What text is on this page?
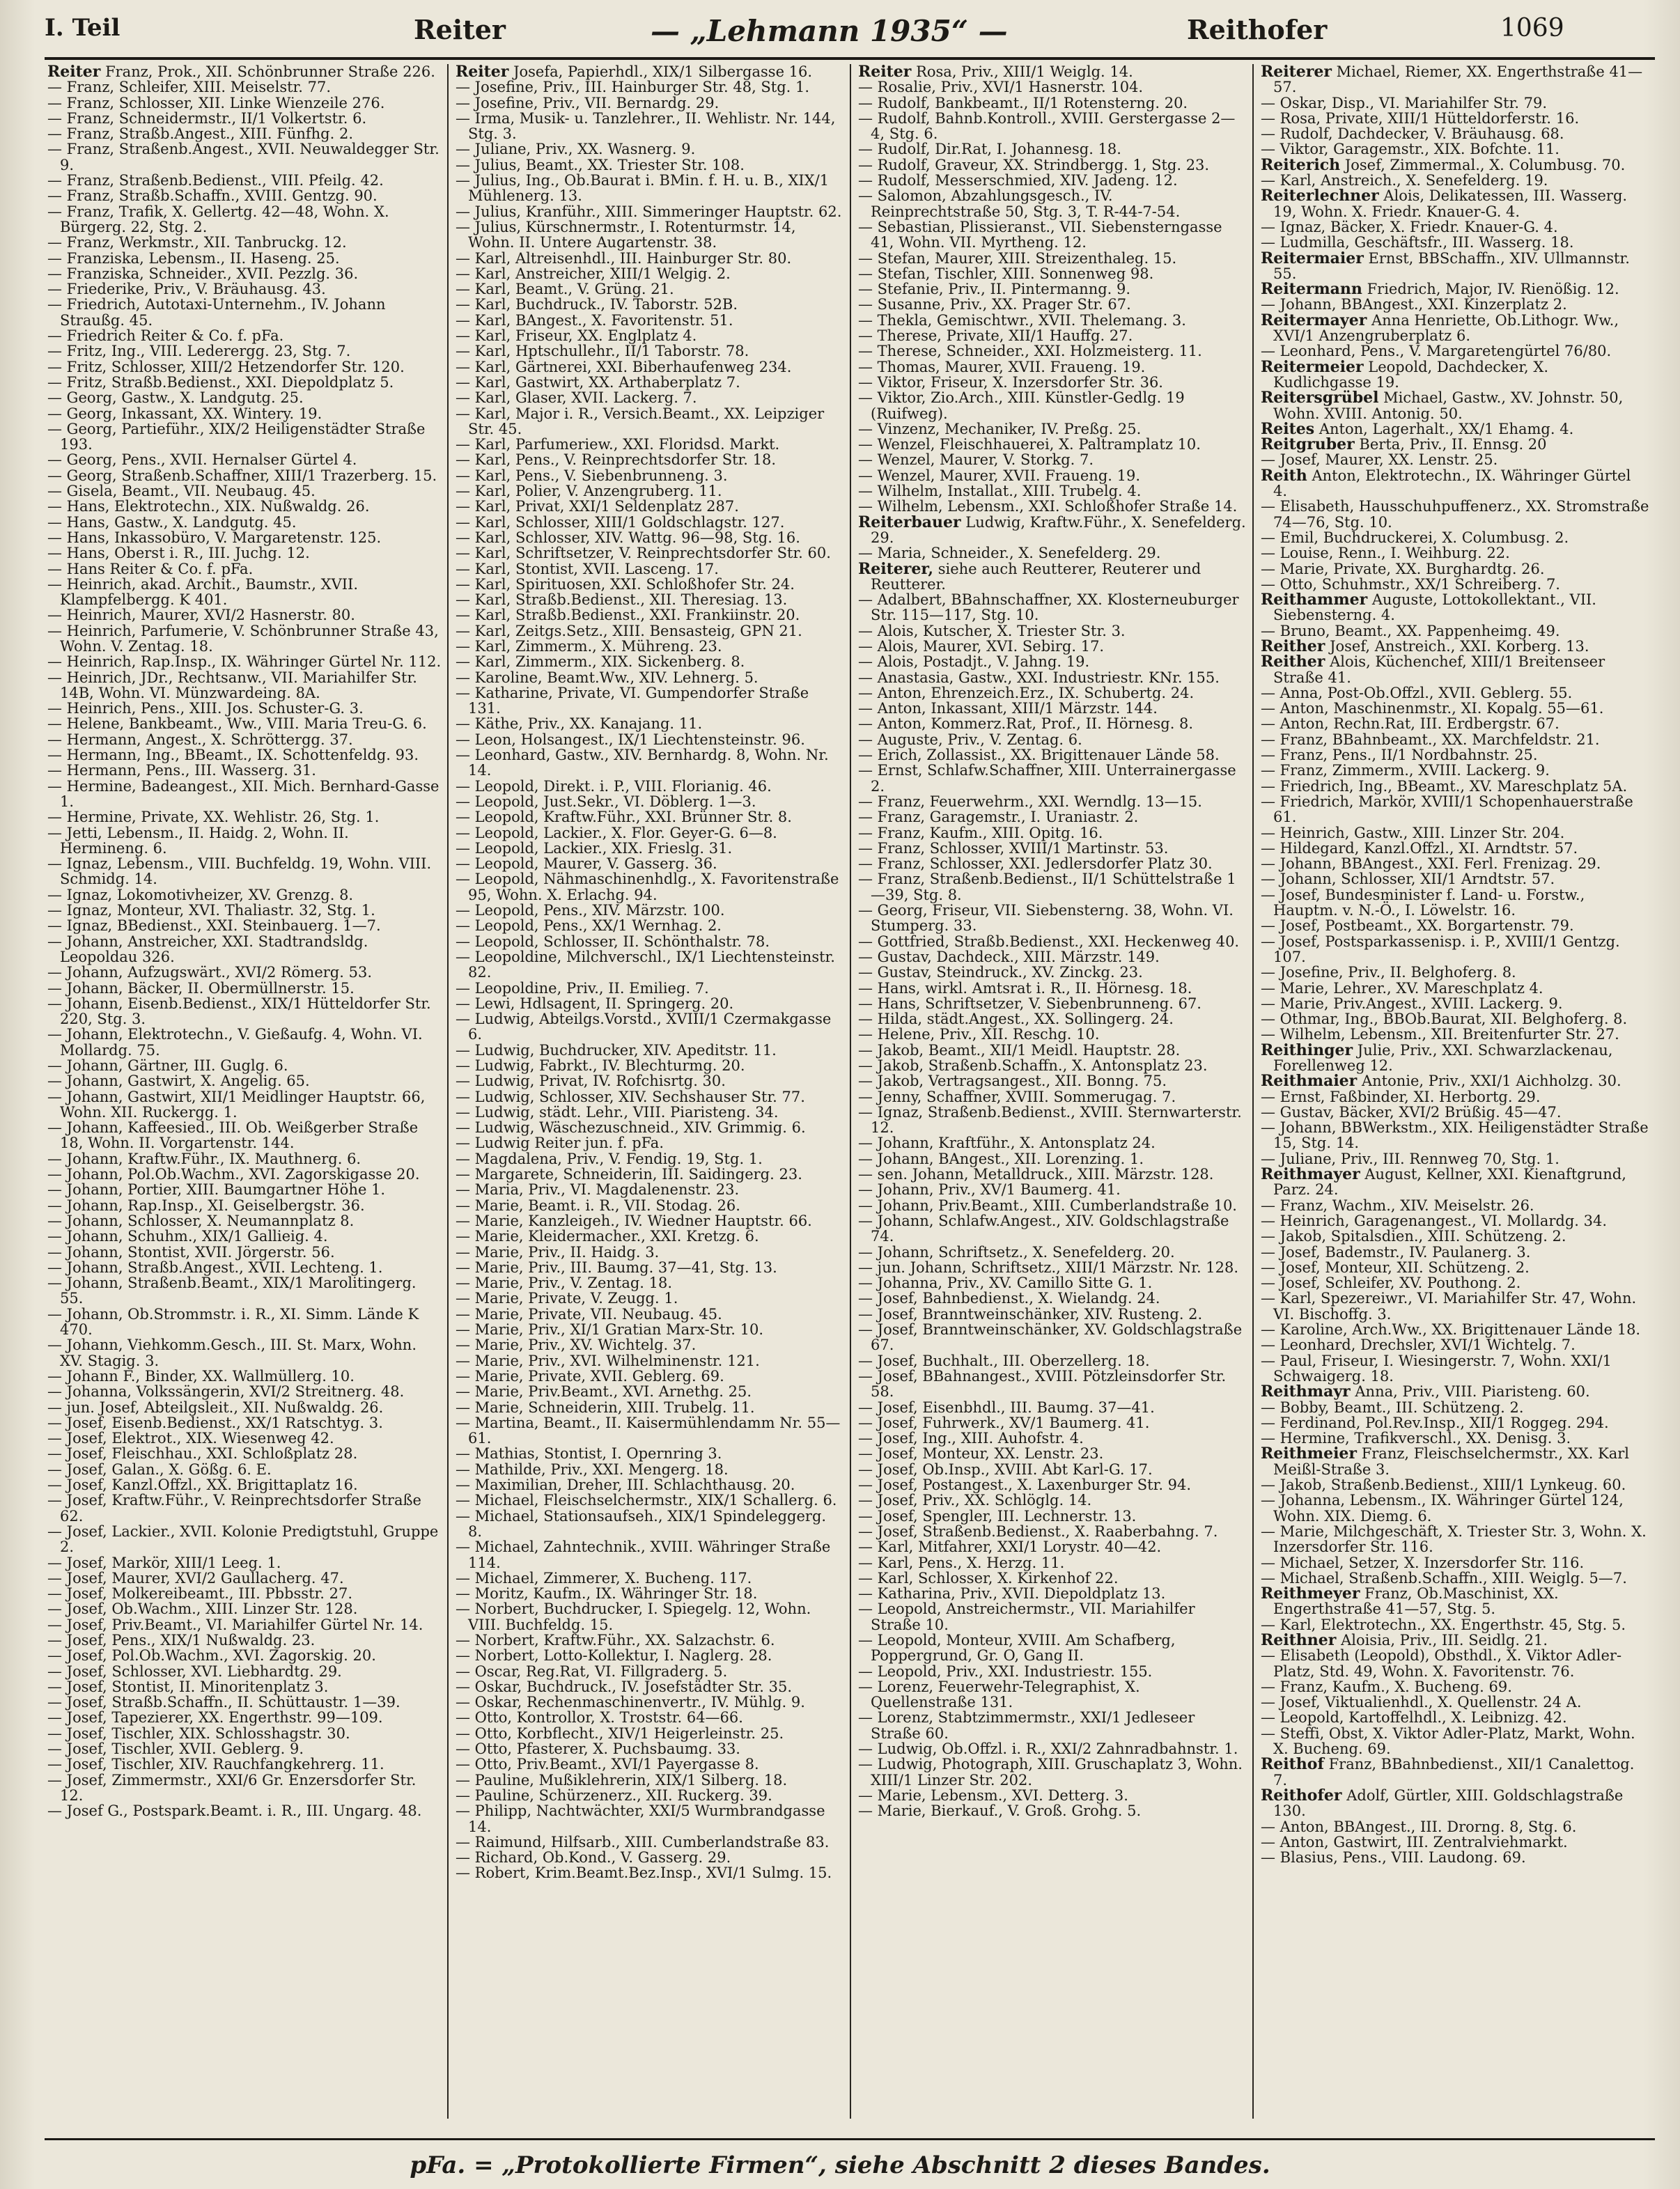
I. Teil	Reiter	— „Lehmann 1935“ —	Reithofer	1069

Reiter Franz, Prok., XII. Schönbrunner Straße 226.

— Franz, Schleifer, XIII. Meiselstr. 77.

— Franz, Schlosser, XII. Linke Wienzeile 276.

— Franz, Schneidermstr., II/1 Volkertstr. 6.

— Franz, Straßb.Angest., XIII. Fünfhg. 2.

— Franz, Straßenb.Angest., XVII. Neuwaldegger Str. 9.

— Franz, Straßenb.Bedienst., VIII. Pfeilg. 42.

— Franz, Straßb.Schaffn., XVIII. Gentzg. 90.

— Franz, Trafik, X. Gellertg. 42—48, Wohn. X. Bürgerg. 22, Stg. 2.

— Franz, Werkmstr., XII. Tanbruckg. 12.

— Franziska, Lebensm., II. Haseng. 25.

— Franziska, Schneider., XVII. Pezzlg. 36.

— Friederike, Priv., V. Bräuhausg. 43.

— Friedrich, Autotaxi-Unternehm., IV. Johann Straußg. 45.

— Friedrich Reiter & Co. f. pFa.

— Fritz, Ing., VIII. Lederergg. 23, Stg. 7.

— Fritz, Schlosser, XIII/2 Hetzendorfer Str. 120.

— Fritz, Straßb.Bedienst., XXI. Diepoldplatz 5.

— Georg, Gastw., X. Landgutg. 25.

— Georg, Inkassant, XX. Wintery. 19.

— Georg, Partieführ., XIX/2 Heiligenstädter Straße 193.

— Georg, Pens., XVII. Hernalser Gürtel 4.

— Georg, Straßenb.Schaffner, XIII/1 Trazerberg. 15.

— Gisela, Beamt., VII. Neubaug. 45.

— Hans, Elektrotechn., XIX. Nußwaldg. 26.

— Hans, Gastw., X. Landgutg. 45.

— Hans, Inkassobüro, V. Margaretenstr. 125.

— Hans, Oberst i. R., III. Juchg. 12.

— Hans Reiter & Co. f. pFa.

— Heinrich, akad. Archit., Baumstr., XVII. Klampfelbergg. K 401.

— Heinrich, Maurer, XVI/2 Hasnerstr. 80.

— Heinrich, Parfumerie, V. Schönbrunner Straße 43, Wohn. V. Zentag. 18.

— Heinrich, Rap.Insp., IX. Währinger Gürtel Nr. 112.

— Heinrich, JDr., Rechtsanw., VII. Mariahilfer Str. 14B, Wohn. VI. Münzwardeing. 8A.

— Heinrich, Pens., XIII. Jos. Schuster-G. 3.

— Helene, Bankbeamt., Ww., VIII. Maria Treu-G. 6.

— Hermann, Angest., X. Schröttergg. 37.

— Hermann, Ing., BBeamt., IX. Schottenfeldg. 93.

— Hermann, Pens., III. Wasserg. 31.

— Hermine, Badeangest., XII. Mich. Bernhard-Gasse 1.

— Hermine, Private, XX. Wehlistr. 26, Stg. 1.

— Jetti, Lebensm., II. Haidg. 2, Wohn. II. Hermineng. 6.

— Ignaz, Lebensm., VIII. Buchfeldg. 19, Wohn. VIII. Schmidg. 14.

— Ignaz, Lokomotivheizer, XV. Grenzg. 8.

— Ignaz, Monteur, XVI. Thaliastr. 32, Stg. 1.

— Ignaz, BBedienst., XXI. Steinbauerg. 1—7.

— Johann, Anstreicher, XXI. Stadtrandsldg. Leopoldau 326.

— Johann, Aufzugswärt., XVI/2 Römerg. 53.

— Johann, Bäcker, II. Obermüllnerstr. 15.

— Johann, Eisenb.Bedienst., XIX/1 Hütteldorfer Str. 220, Stg. 3.

— Johann, Elektrotechn., V. Gießaufg. 4, Wohn. VI. Mollardg. 75.

— Johann, Gärtner, III. Guglg. 6.

— Johann, Gastwirt, X. Angelig. 65.

— Johann, Gastwirt, XII/1 Meidlinger Hauptstr. 66, Wohn. XII. Ruckergg. 1.

— Johann, Kaffeesied., III. Ob. Weißgerber Straße 18, Wohn. II. Vorgartenstr. 144.

— Johann, Kraftw.Führ., IX. Mauthnerg. 6.

— Johann, Pol.Ob.Wachm., XVI. Zagorskigasse 20.

— Johann, Portier, XIII. Baumgartner Höhe 1.

— Johann, Rap.Insp., XI. Geiselbergstr. 36.

— Johann, Schlosser, X. Neumannplatz 8.

— Johann, Schuhm., XIX/1 Gallieig. 4.

— Johann, Stontist, XVII. Jörgerstr. 56.

— Johann, Straßb.Angest., XVII. Lechteng. 1.

— Johann, Straßenb.Beamt., XIX/1 Marolitingerg. 55.

— Johann, Ob.Strommstr. i. R., XI. Simm. Lände K 470.

— Johann, Viehkomm.Gesch., III. St. Marx, Wohn. XV. Stagig. 3.

— Johann F., Binder, XX. Wallmüllerg. 10.

— Johanna, Volkssängerin, XVI/2 Streitnerg. 48.

— jun. Josef, Abteilgsleit., XII. Nußwaldg. 26.

— Josef, Eisenb.Bedienst., XX/1 Ratschtyg. 3.

— Josef, Elektrot., XIX. Wiesenweg 42.

— Josef, Fleischhau., XXI. Schloßplatz 28.

— Josef, Galan., X. Gößg. 6. E.

— Josef, Kanzl.Offzl., XX. Brigittaplatz 16.

— Josef, Kraftw.Führ., V. Reinprechtsdorfer Straße 62.

— Josef, Lackier., XVII. Kolonie Predigtstuhl, Gruppe 2.

— Josef, Markör, XIII/1 Leeg. 1.

— Josef, Maurer, XVI/2 Gaullacherg. 47.

— Josef, Molkereibeamt., III. Pbbsstr. 27.

— Josef, Ob.Wachm., XIII. Linzer Str. 128.

— Josef, Priv.Beamt., VI. Mariahilfer Gürtel Nr. 14.

— Josef, Pens., XIX/1 Nußwaldg. 23.

— Josef, Pol.Ob.Wachm., XVI. Zagorskig. 20.

— Josef, Schlosser, XVI. Liebhardtg. 29.

— Josef, Stontist, II. Minoritenplatz 3.

— Josef, Straßb.Schaffn., II. Schüttaustr. 1—39.

— Josef, Tapezierer, XX. Engerthstr. 99—109.

— Josef, Tischler, XIX. Schlosshagstr. 30.

— Josef, Tischler, XVII. Geblerg. 9.

— Josef, Tischler, XIV. Rauchfangkehrerg. 11.

— Josef, Zimmermstr., XXI/6 Gr. Enzersdorfer Str. 12.

— Josef G., Postspark.Beamt. i. R., III. Ungarg. 48.

Reiter Josefa, Papierhdl., XIX/1 Silbergasse 16.

— Josefine, Priv., III. Hainburger Str. 48, Stg. 1.

— Josefine, Priv., VII. Bernardg. 29.

— Irma, Musik- u. Tanzlehrer., II. Wehlistr. Nr. 144, Stg. 3.

— Juliane, Priv., XX. Wasnerg. 9.

— Julius, Beamt., XX. Triester Str. 108.

— Julius, Ing., Ob.Baurat i. BMin. f. H. u. B., XIX/1 Mühlenerg. 13.

— Julius, Kranführ., XIII. Simmeringer Hauptstr. 62.

— Julius, Kürschnermstr., I. Rotenturmstr. 14, Wohn. II. Untere Augartenstr. 38.

— Karl, Altreisenhdl., III. Hainburger Str. 80.

— Karl, Anstreicher, XIII/1 Welgig. 2.

— Karl, Beamt., V. Grüng. 21.

— Karl, Buchdruck., IV. Taborstr. 52B.

— Karl, BAngest., X. Favoritenstr. 51.

— Karl, Friseur, XX. Englplatz 4.

— Karl, Hptschullehr., II/1 Taborstr. 78.

— Karl, Gärtnerei, XXI. Biberhaufenweg 234.

— Karl, Gastwirt, XX. Arthaberplatz 7.

— Karl, Glaser, XVII. Lackerg. 7.

— Karl, Major i. R., Versich.Beamt., XX. Leipziger Str. 45.

— Karl, Parfumeriew., XXI. Floridsd. Markt.

— Karl, Pens., V. Reinprechtsdorfer Str. 18.

— Karl, Pens., V. Siebenbrunneng. 3.

— Karl, Polier, V. Anzengruberg. 11.

— Karl, Privat, XXI/1 Seldenplatz 287.

— Karl, Schlosser, XIII/1 Goldschlagstr. 127.

— Karl, Schlosser, XIV. Wattg. 96—98, Stg. 16.

— Karl, Schriftsetzer, V. Reinprechtsdorfer Str. 60.

— Karl, Stontist, XVII. Lasceng. 17.

— Karl, Spirituosen, XXI. Schloßhofer Str. 24.

— Karl, Straßb.Bedienst., XII. Theresiag. 13.

— Karl, Straßb.Bedienst., XXI. Frankiinstr. 20.

— Karl, Zeitgs.Setz., XIII. Bensasteig, GPN 21.

— Karl, Zimmerm., X. Mühreng. 23.

— Karl, Zimmerm., XIX. Sickenberg. 8.

— Karoline, Beamt.Ww., XIV. Lehnerg. 5.

— Katharine, Private, VI. Gumpendorfer Straße 131.

— Käthe, Priv., XX. Kanajang. 11.

— Leon, Holsangest., IX/1 Liechtensteinstr. 96.

— Leonhard, Gastw., XIV. Bernhardg. 8, Wohn. Nr. 14.

— Leopold, Direkt. i. P., VIII. Florianig. 46.

— Leopold, Just.Sekr., VI. Döblerg. 1—3.

— Leopold, Kraftw.Führ., XXI. Brünner Str. 8.

— Leopold, Lackier., X. Flor. Geyer-G. 6—8.

— Leopold, Lackier., XIX. Frieslg. 31.

— Leopold, Maurer, V. Gasserg. 36.

— Leopold, Nähmaschinenhdlg., X. Favoritenstraße 95, Wohn. X. Erlachg. 94.

— Leopold, Pens., XIV. Märzstr. 100.

— Leopold, Pens., XX/1 Wernhag. 2.

— Leopold, Schlosser, II. Schönthalstr. 78.

— Leopoldine, Milchverschl., IX/1 Liechtensteinstr. 82.

— Leopoldine, Priv., II. Emilieg. 7.

— Lewi, Hdlsagent, II. Springerg. 20.

— Ludwig, Abteilgs.Vorstd., XVIII/1 Czermakgasse 6.

— Ludwig, Buchdrucker, XIV. Apeditstr. 11.

— Ludwig, Fabrkt., IV. Blechturmg. 20.

— Ludwig, Privat, IV. Rofchisrtg. 30.

— Ludwig, Schlosser, XIV. Sechshauser Str. 77.

— Ludwig, städt. Lehr., VIII. Piaristeng. 34.

— Ludwig, Wäschezuschneid., XIV. Grimmig. 6.

— Ludwig Reiter jun. f. pFa.

— Magdalena, Priv., V. Fendig. 19, Stg. 1.

— Margarete, Schneiderin, III. Saidingerg. 23.

— Maria, Priv., VI. Magdalenenstr. 23.

— Marie, Beamt. i. R., VII. Stodag. 26.

— Marie, Kanzleigeh., IV. Wiedner Hauptstr. 66.

— Marie, Kleidermacher., XXI. Kretzg. 6.

— Marie, Priv., II. Haidg. 3.

— Marie, Priv., III. Baumg. 37—41, Stg. 13.

— Marie, Priv., V. Zentag. 18.

— Marie, Private, V. Zeugg. 1.

— Marie, Private, VII. Neubaug. 45.

— Marie, Priv., XI/1 Gratian Marx-Str. 10.

— Marie, Priv., XV. Wichtelg. 37.

— Marie, Priv., XVI. Wilhelminenstr. 121.

— Marie, Private, XVII. Geblerg. 69.

— Marie, Priv.Beamt., XVI. Arnethg. 25.

— Marie, Schneiderin, XIII. Trubelg. 11.

— Martina, Beamt., II. Kaisermühlendamm Nr. 55—61.

— Mathias, Stontist, I. Opernring 3.

— Mathilde, Priv., XXI. Mengerg. 18.

— Maximilian, Dreher, III. Schlachthausg. 20.

— Michael, Fleischselchermstr., XIX/1 Schallerg. 6.

— Michael, Stationsaufseh., XIX/1 Spindeleggerg. 8.

— Michael, Zahntechnik., XVIII. Währinger Straße 114.

— Michael, Zimmerer, X. Bucheng. 117.

— Moritz, Kaufm., IX. Währinger Str. 18.

— Norbert, Buchdrucker, I. Spiegelg. 12, Wohn. VIII. Buchfeldg. 15.

— Norbert, Kraftw.Führ., XX. Salzachstr. 6.

— Norbert, Lotto-Kollektur, I. Naglerg. 28.

— Oscar, Reg.Rat, VI. Fillgraderg. 5.

— Oskar, Buchdruck., IV. Josefstädter Str. 35.

— Oskar, Rechenmaschinenvertr., IV. Mühlg. 9.

— Otto, Kontrollor, X. Troststr. 64—66.

— Otto, Korbflecht., XIV/1 Heigerleinstr. 25.

— Otto, Pfasterer, X. Puchsbaumg. 33.

— Otto, Priv.Beamt., XVI/1 Payergasse 8.

— Pauline, Mußiklehrerin, XIX/1 Silberg. 18.

— Pauline, Schürzenerz., XII. Ruckerg. 39.

— Philipp, Nachtwächter, XXI/5 Wurmbrandgasse 14.

— Raimund, Hilfsarb., XIII. Cumberlandstraße 83.

— Richard, Ob.Kond., V. Gasserg. 29.

— Robert, Krim.Beamt.Bez.Insp., XVI/1 Sulmg. 15.

Reiter Rosa, Priv., XIII/1 Weiglg. 14.

— Rosalie, Priv., XVI/1 Hasnerstr. 104.

— Rudolf, Bankbeamt., II/1 Rotensterng. 20.

— Rudolf, Bahnb.Kontroll., XVIII. Gerstergasse 2—4, Stg. 6.

— Rudolf, Dir.Rat, I. Johannesg. 18.

— Rudolf, Graveur, XX. Strindbergg. 1, Stg. 23.

— Rudolf, Messerschmied, XIV. Jadeng. 12.

— Salomon, Abzahlungsgesch., IV. Reinprechtstraße 50, Stg. 3, T. R-44-7-54.

— Sebastian, Plissieranst., VII. Siebensterngasse 41, Wohn. VII. Myrtheng. 12.

— Stefan, Maurer, XIII. Streizenthaleg. 15.

— Stefan, Tischler, XIII. Sonnenweg 98.

— Stefanie, Priv., II. Pintermanng. 9.

— Susanne, Priv., XX. Prager Str. 67.

— Thekla, Gemischtwr., XVII. Thelemang. 3.

— Therese, Private, XII/1 Hauffg. 27.

— Therese, Schneider., XXI. Holzmeisterg. 11.

— Thomas, Maurer, XVII. Fraueng. 19.

— Viktor, Friseur, X. Inzersdorfer Str. 36.

— Viktor, Zio.Arch., XIII. Künstler-Gedlg. 19 (Ruifweg).

— Vinzenz, Mechaniker, IV. Preßg. 25.

— Wenzel, Fleischhauerei, X. Paltramplatz 10.

— Wenzel, Maurer, V. Storkg. 7.

— Wenzel, Maurer, XVII. Fraueng. 19.

— Wilhelm, Installat., XIII. Trubelg. 4.

— Wilhelm, Lebensm., XXI. Schloßhofer Straße 14.

Reiterbauer Ludwig, Kraftw.Führ., X. Senefelderg. 29.

— Maria, Schneider., X. Senefelderg. 29.

Reiterer, siehe auch Reutterer, Reuterer und Reutterer.

— Adalbert, BBahnschaffner, XX. Klosterneuburger Str. 115—117, Stg. 10.

— Alois, Kutscher, X. Triester Str. 3.

— Alois, Maurer, XVI. Sebirg. 17.

— Alois, Postadjt., V. Jahng. 19.

— Anastasia, Gastw., XXI. Industriestr. KNr. 155.

— Anton, Ehrenzeich.Erz., IX. Schubertg. 24.

— Anton, Inkassant, XIII/1 Märzstr. 144.

— Anton, Kommerz.Rat, Prof., II. Hörnesg. 8.

— Auguste, Priv., V. Zentag. 6.

— Erich, Zollassist., XX. Brigittenauer Lände 58.

— Ernst, Schlafw.Schaffner, XIII. Unterrainergasse 2.

— Franz, Feuerwehrm., XXI. Werndlg. 13—15.

— Franz, Garagemstr., I. Uraniastr. 2.

— Franz, Kaufm., XIII. Opitg. 16.

— Franz, Schlosser, XVIII/1 Martinstr. 53.

— Franz, Schlosser, XXI. Jedlersdorfer Platz 30.

— Franz, Straßenb.Bedienst., II/1 Schüttelstraße 1—39, Stg. 8.

— Georg, Friseur, VII. Siebensterng. 38, Wohn. VI. Stumperg. 33.

— Gottfried, Straßb.Bedienst., XXI. Heckenweg 40.

— Gustav, Dachdeck., XIII. Märzstr. 149.

— Gustav, Steindruck., XV. Zinckg. 23.

— Hans, wirkl. Amtsrat i. R., II. Hörnesg. 18.

— Hans, Schriftsetzer, V. Siebenbrunneng. 67.

— Hilda, städt.Angest., XX. Sollingerg. 24.

— Helene, Priv., XII. Reschg. 10.

— Jakob, Beamt., XII/1 Meidl. Hauptstr. 28.

— Jakob, Straßenb.Schaffn., X. Antonsplatz 23.

— Jakob, Vertragsangest., XII. Bonng. 75.

— Jenny, Schaffner, XVIII. Sommerugag. 7.

— Ignaz, Straßenb.Bedienst., XVIII. Sternwarterstr. 12.

— Johann, Kraftführ., X. Antonsplatz 24.

— Johann, BAngest., XII. Lorenzing. 1.

— sen. Johann, Metalldruck., XIII. Märzstr. 128.

— Johann, Priv., XV/1 Baumerg. 41.

— Johann, Priv.Beamt., XIII. Cumberlandstraße 10.

— Johann, Schlafw.Angest., XIV. Goldschlagstraße 74.

— Johann, Schriftsetz., X. Senefelderg. 20.

— jun. Johann, Schriftsetz., XIII/1 Märzstr. Nr. 128.

— Johanna, Priv., XV. Camillo Sitte G. 1.

— Josef, Bahnbedienst., X. Wielandg. 24.

— Josef, Branntweinschänker, XIV. Rusteng. 2.

— Josef, Branntweinschänker, XV. Goldschlagstraße 67.

— Josef, Buchhalt., III. Oberzellerg. 18.

— Josef, BBahnangest., XVIII. Pötzleinsdorfer Str. 58.

— Josef, Eisenbhdl., III. Baumg. 37—41.

— Josef, Fuhrwerk., XV/1 Baumerg. 41.

— Josef, Ing., XIII. Auhofstr. 4.

— Josef, Monteur, XX. Lenstr. 23.

— Josef, Ob.Insp., XVIII. Abt Karl-G. 17.

— Josef, Postangest., X. Laxenburger Str. 94.

— Josef, Priv., XX. Schlöglg. 14.

— Josef, Spengler, III. Lechnerstr. 13.

— Josef, Straßenb.Bedienst., X. Raaberbahng. 7.

— Karl, Mitfahrer, XXI/1 Lorystr. 40—42.

— Karl, Pens., X. Herzg. 11.

— Karl, Schlosser, X. Kirkenhof 22.

— Katharina, Priv., XVII. Diepoldplatz 13.

— Leopold, Anstreichermstr., VII. Mariahilfer Straße 10.

— Leopold, Monteur, XVIII. Am Schafberg, Poppergrund, Gr. O, Gang II.

— Leopold, Priv., XXI. Industriestr. 155.

— Lorenz, Feuerwehr-Telegraphist, X. Quellenstraße 131.

— Lorenz, Stabtzimmermstr., XXI/1 Jedleseer Straße 60.

— Ludwig, Ob.Offzl. i. R., XXI/2 Zahnradbahnstr. 1.

— Ludwig, Photograph, XIII. Gruschaplatz 3, Wohn. XIII/1 Linzer Str. 202.

— Marie, Lebensm., XVI. Detterg. 3.

— Marie, Bierkauf., V. Groß. Grohg. 5.

Reiterer Michael, Riemer, XX. Engerthstraße 41—57.

— Oskar, Disp., VI. Mariahilfer Str. 79.

— Rosa, Private, XIII/1 Hütteldorferstr. 16.

— Rudolf, Dachdecker, V. Bräuhausg. 68.

— Viktor, Garagemstr., XIX. Bofchte. 11.

Reiterich Josef, Zimmermal., X. Columbusg. 70.

— Karl, Anstreich., X. Senefelderg. 19.

Reiterlechner Alois, Delikatessen, III. Wasserg. 19, Wohn. X. Friedr. Knauer-G. 4.

— Ignaz, Bäcker, X. Friedr. Knauer-G. 4.

— Ludmilla, Geschäftsfr., III. Wasserg. 18.

Reitermaier Ernst, BBSchaffn., XIV. Ullmannstr. 55.

Reitermann Friedrich, Major, IV. Rienößig. 12.

— Johann, BBAngest., XXI. Kinzerplatz 2.

Reitermayer Anna Henriette, Ob.Lithogr. Ww., XVI/1 Anzengruberplatz 6.

— Leonhard, Pens., V. Margaretengürtel 76/80.

Reitermeier Leopold, Dachdecker, X. Kudlichgasse 19.

Reitersgrübel Michael, Gastw., XV. Johnstr. 50, Wohn. XVIII. Antonig. 50.

Reites Anton, Lagerhalt., XX/1 Ehamg. 4.

Reitgruber Berta, Priv., II. Ennsg. 20

— Josef, Maurer, XX. Lenstr. 25.

Reith Anton, Elektrotechn., IX. Währinger Gürtel 4.

— Elisabeth, Hausschuhpuffenerz., XX. Stromstraße 74—76, Stg. 10.

— Emil, Buchdruckerei, X. Columbusg. 2.

— Louise, Renn., I. Weihburg. 22.

— Marie, Private, XX. Burghardtg. 26.

— Otto, Schuhmstr., XX/1 Schreiberg. 7.

Reithammer Auguste, Lottokollektant., VII. Siebensterng. 4.

— Bruno, Beamt., XX. Pappenheimg. 49.

Reither Josef, Anstreich., XXI. Korberg. 13.

Reither Alois, Küchenchef, XIII/1 Breitenseer Straße 41.

— Anna, Post-Ob.Offzl., XVII. Geblerg. 55.

— Anton, Maschinenmstr., XI. Kopalg. 55—61.

— Anton, Rechn.Rat, III. Erdbergstr. 67.

— Franz, BBahnbeamt., XX. Marchfeldstr. 21.

— Franz, Pens., II/1 Nordbahnstr. 25.

— Franz, Zimmerm., XVIII. Lackerg. 9.

— Friedrich, Ing., BBeamt., XV. Mareschplatz 5A.

— Friedrich, Markör, XVIII/1 Schopenhauerstraße 61.

— Heinrich, Gastw., XIII. Linzer Str. 204.

— Hildegard, Kanzl.Offzl., XI. Arndtstr. 57.

— Johann, BBAngest., XXI. Ferl. Frenizag. 29.

— Johann, Schlosser, XII/1 Arndtstr. 57.

— Josef, Bundesminister f. Land- u. Forstw., Hauptm. v. N.-Ö., I. Löwelstr. 16.

— Josef, Postbeamt., XX. Borgartenstr. 79.

— Josef, Postsparkassenisp. i. P., XVIII/1 Gentzg. 107.

— Josefine, Priv., II. Belghoferg. 8.

— Marie, Lehrer., XV. Mareschplatz 4.

— Marie, Priv.Angest., XVIII. Lackerg. 9.

— Othmar, Ing., BBOb.Baurat, XII. Belghoferg. 8.

— Wilhelm, Lebensm., XII. Breitenfurter Str. 27.

Reithinger Julie, Priv., XXI. Schwarzlackenau, Forellenweg 12.

Reithmaier Antonie, Priv., XXI/1 Aichholzg. 30.

— Ernst, Faßbinder, XI. Herbortg. 29.

— Gustav, Bäcker, XVI/2 Brüßig. 45—47.

— Johann, BBWerkstm., XIX. Heiligenstädter Straße 15, Stg. 14.

— Juliane, Priv., III. Rennweg 70, Stg. 1.

Reithmayer August, Kellner, XXI. Kienaftgrund, Parz. 24.

— Franz, Wachm., XIV. Meiselstr. 26.

— Heinrich, Garagenangest., VI. Mollardg. 34.

— Jakob, Spitalsdien., XIII. Schützeng. 2.

— Josef, Bademstr., IV. Paulanerg. 3.

— Josef, Monteur, XII. Schützeng. 2.

— Josef, Schleifer, XV. Pouthong. 2.

— Karl, Spezereiwr., VI. Mariahilfer Str. 47, Wohn. VI. Bischoffg. 3.

— Karoline, Arch.Ww., XX. Brigittenauer Lände 18.

— Leonhard, Drechsler, XVI/1 Wichtelg. 7.

— Paul, Friseur, I. Wiesingerstr. 7, Wohn. XXI/1 Schwaigerg. 18.

Reithmayr Anna, Priv., VIII. Piaristeng. 60.

— Bobby, Beamt., III. Schützeng. 2.

— Ferdinand, Pol.Rev.Insp., XII/1 Roggeg. 294.

— Hermine, Trafikverschl., XX. Denisg. 3.

Reithmeier Franz, Fleischselchermstr., XX. Karl Meißl-Straße 3.

— Jakob, Straßenb.Bedienst., XIII/1 Lynkeug. 60.

— Johanna, Lebensm., IX. Währinger Gürtel 124, Wohn. XIX. Diemg. 6.

— Marie, Milchgeschäft, X. Triester Str. 3, Wohn. X. Inzersdorfer Str. 116.

— Michael, Setzer, X. Inzersdorfer Str. 116.

— Michael, Straßenb.Schaffn., XIII. Weiglg. 5—7.

Reithmeyer Franz, Ob.Maschinist, XX. Engerthstraße 41—57, Stg. 5.

— Karl, Elektrotechn., XX. Engerthstr. 45, Stg. 5.

Reithner Aloisia, Priv., III. Seidlg. 21.

— Elisabeth (Leopold), Obsthdl., X. Viktor Adler-Platz, Std. 49, Wohn. X. Favoritenstr. 76.

— Franz, Kaufm., X. Bucheng. 69.

— Josef, Viktualienhdl., X. Quellenstr. 24 A.

— Leopold, Kartoffelhdl., X. Leibnizg. 42.

— Steffi, Obst, X. Viktor Adler-Platz, Markt, Wohn. X. Bucheng. 69.

Reithof Franz, BBahnbedienst., XII/1 Canalettog. 7.

Reithofer Adolf, Gürtler, XIII. Goldschlagstraße 130.

— Anton, BBAngest., III. Drorng. 8, Stg. 6.

— Anton, Gastwirt, III. Zentralviehmarkt.

— Blasius, Pens., VIII. Laudong. 69.

pFa. = „Protokollierte Firmen“, siehe Abschnitt 2 dieses Bandes.
